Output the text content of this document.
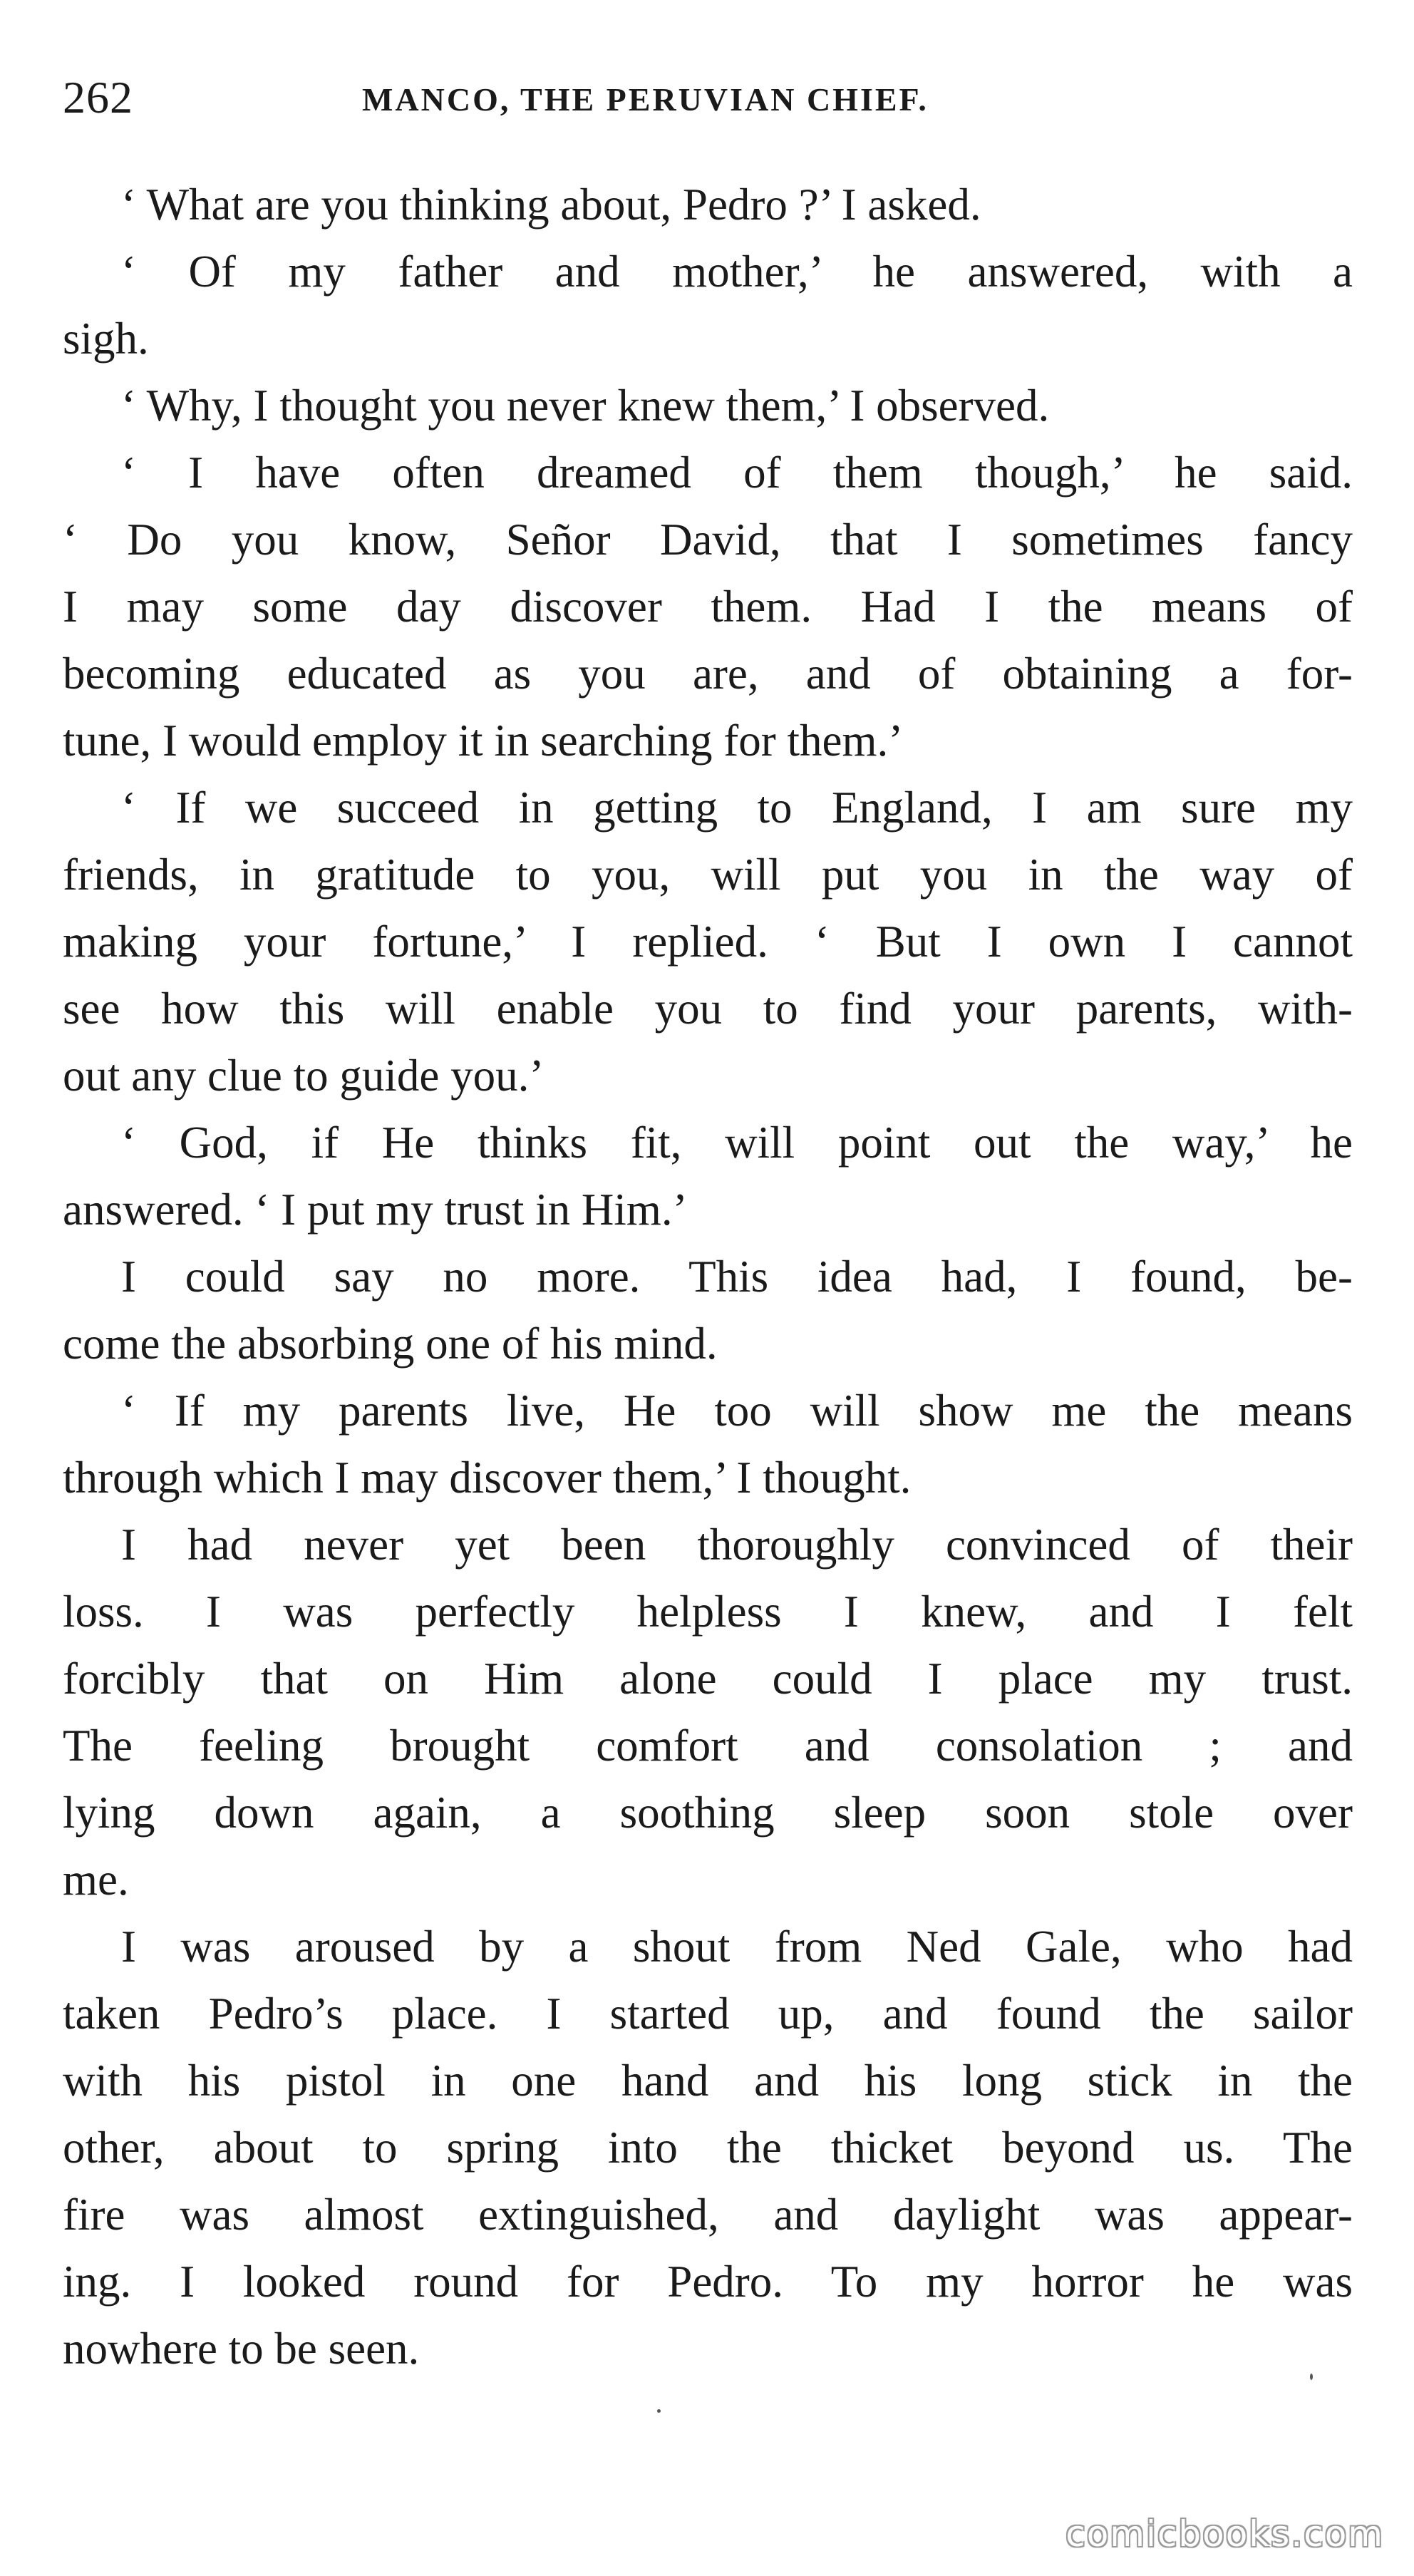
262	MANCO, THE PERUVIAN CHIEF.
‘ What are you thinking about, Pedro ?’ I asked.
‘ Of my father and mother,’ he answered, with a
sigh.
‘ Why, I thought you never knew them,’ I observed.
‘ I have often dreamed of them though,’ he said.
‘ Do you know, Señor David, that I sometimes fancy
I may some day discover them. Had I the means of
becoming educated as you are, and of obtaining a for-
tune, I would employ it in searching for them.’
‘ If we succeed in getting to England, I am sure my
friends, in gratitude to you, will put you in the way of
making your fortune,’ I replied. ‘ But I own I cannot
see how this will enable you to find your parents, with-
out any clue to guide you.’
‘ God, if He thinks fit, will point out the way,’ he
answered. ‘ I put my trust in Him.’
I could say no more. This idea had, I found, be-
come the absorbing one of his mind.
‘ If my parents live, He too will show me the means
through which I may discover them,’ I thought.
I had never yet been thoroughly convinced of their
loss. I was perfectly helpless I knew, and I felt
forcibly that on Him alone could I place my trust.
The feeling brought comfort and consolation ; and
lying down again, a soothing sleep soon stole over
me.
I was aroused by a shout from Ned Gale, who had
taken Pedro’s place. I started up, and found the sailor
with his pistol in one hand and his long stick in the
other, about to spring into the thicket beyond us. The
fire was almost extinguished, and daylight was appear-
ing. I looked round for Pedro. To my horror he was
nowhere to be seen.
comicbooks.com
